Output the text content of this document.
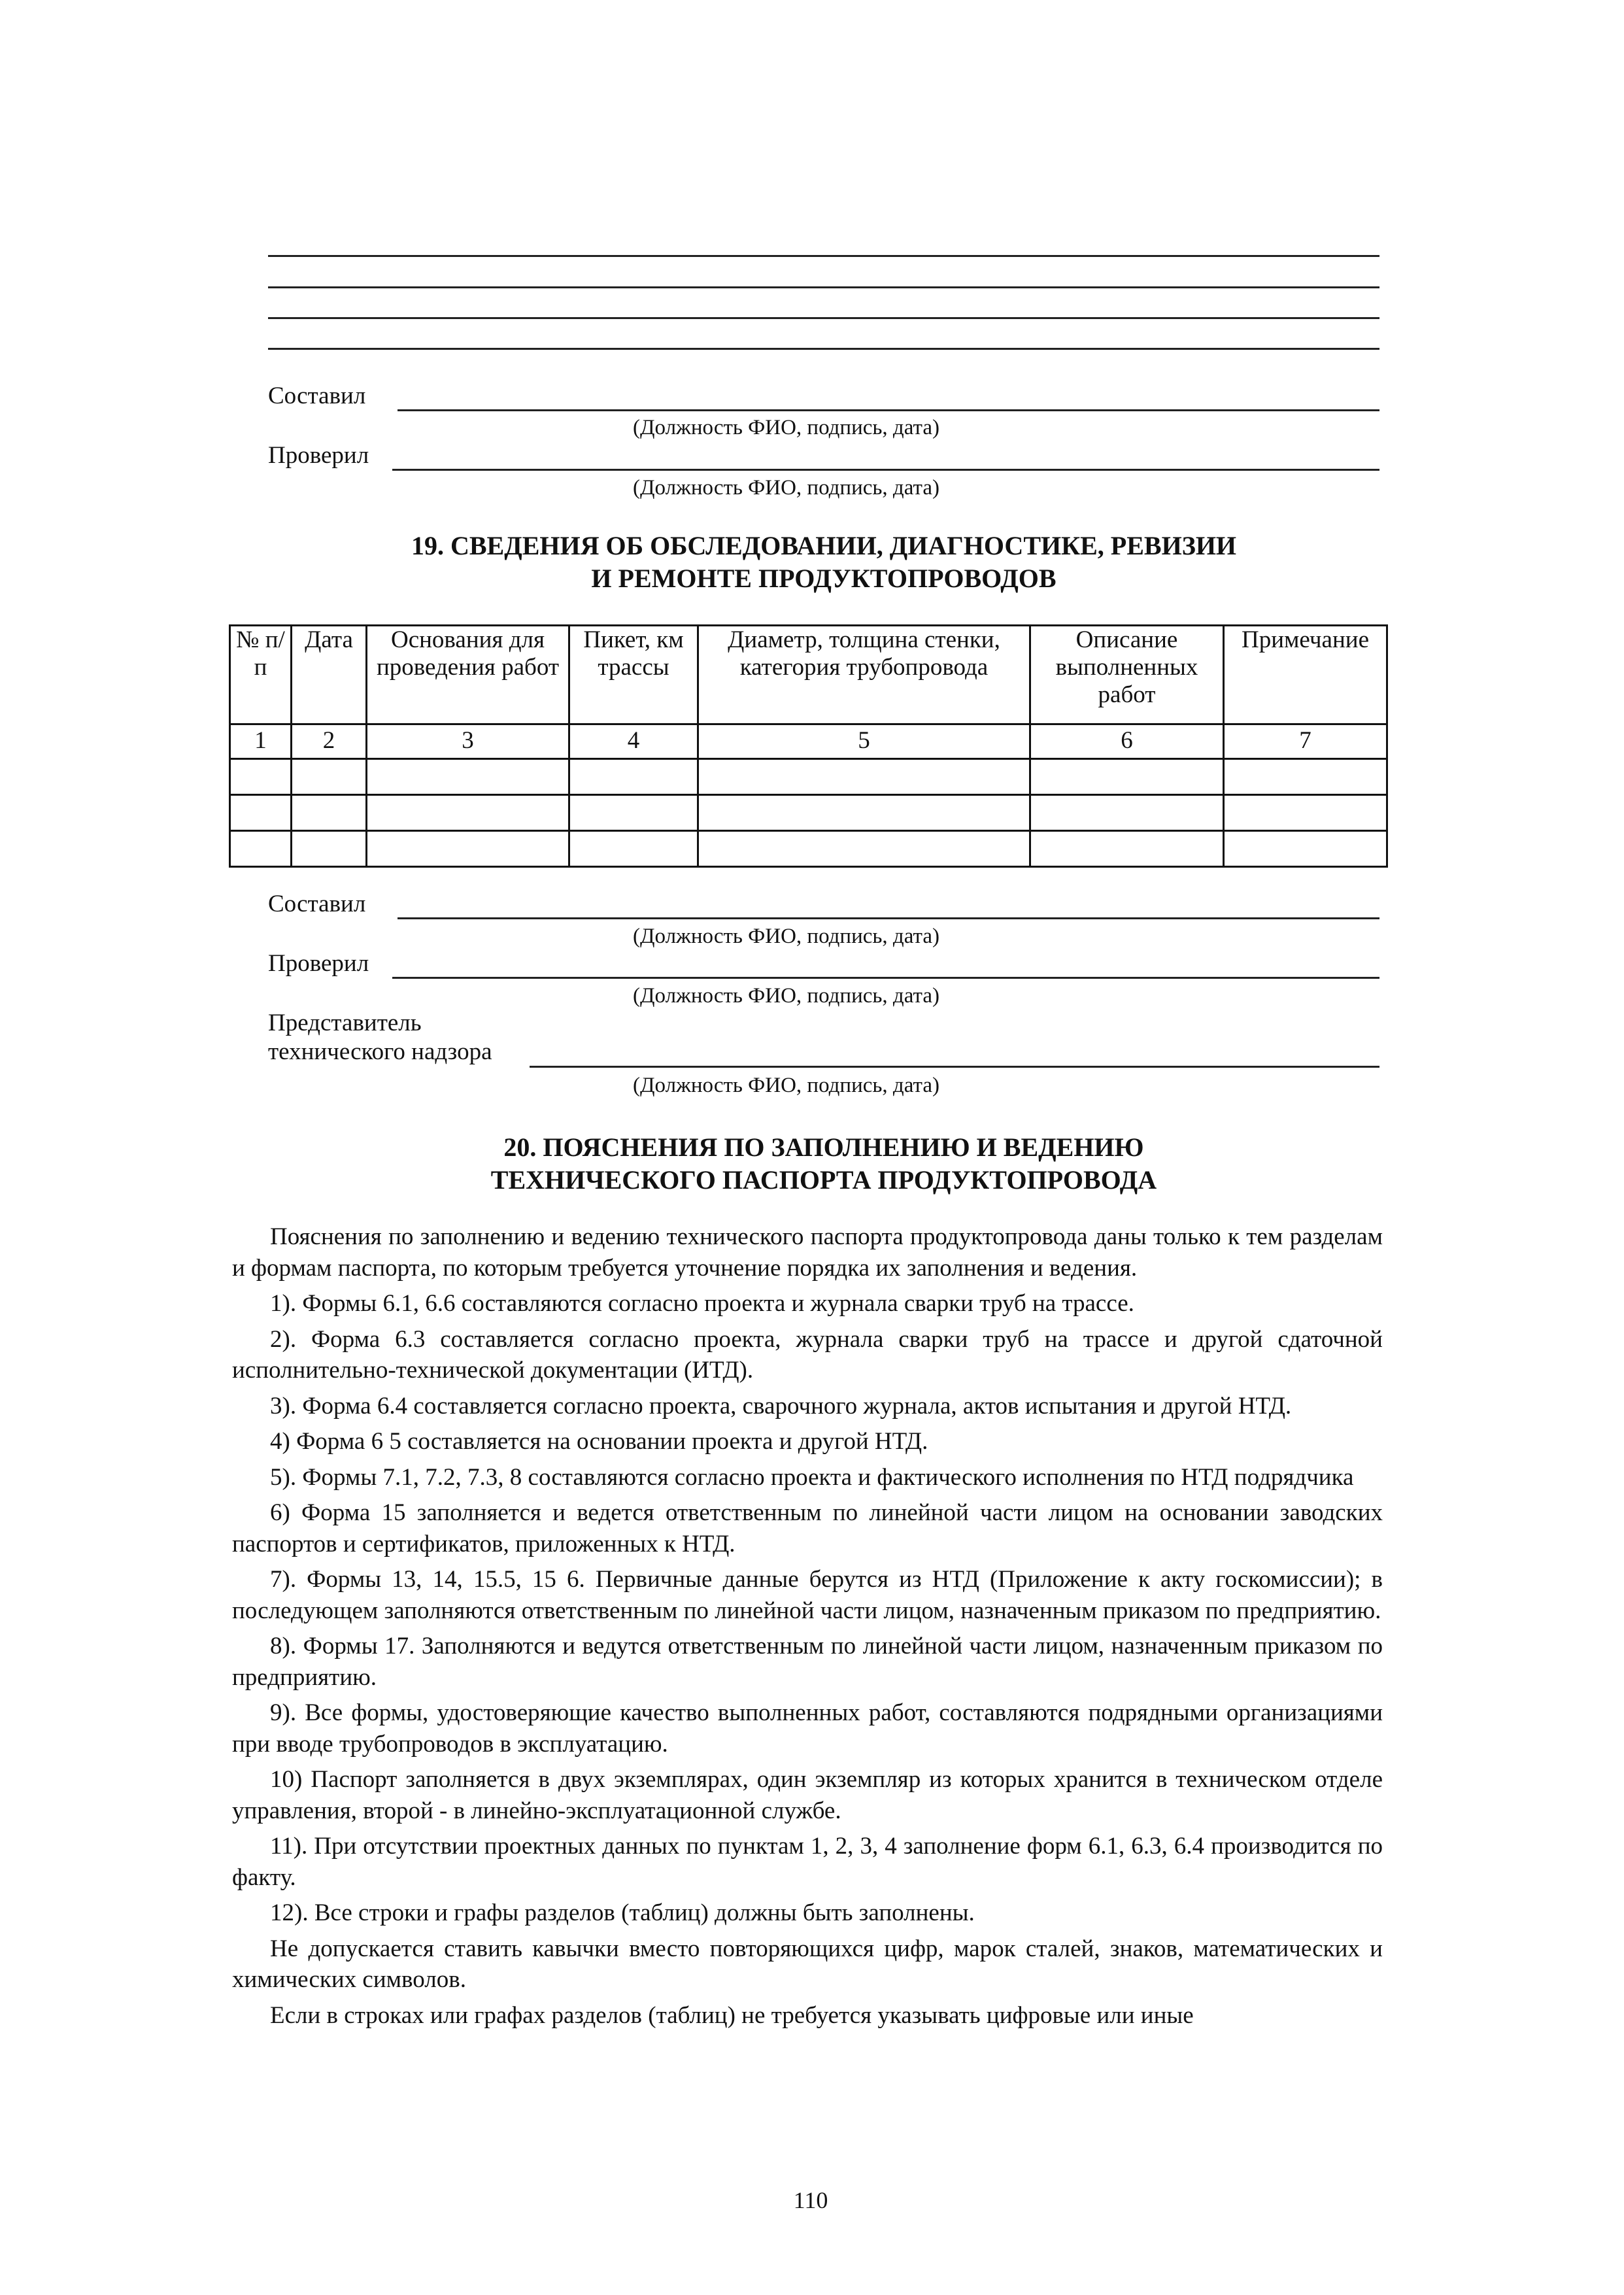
Составил
(Должность ФИО, подпись, дата)
Проверил
(Должность ФИО, подпись, дата)
19. СВЕДЕНИЯ ОБ ОБСЛЕДОВАНИИ, ДИАГНОСТИКЕ, РЕВИЗИИ
И РЕМОНТЕ ПРОДУКТОПРОВОДОВ
№ п/п	Дата	Основания для проведения работ	Пикет, км трассы	Диаметр, толщина стенки, категория трубопровода	Описание выполненных работ	Примечание
1	2	3	4	5	6	7

Составил
(Должность ФИО, подпись, дата)
Проверил
(Должность ФИО, подпись, дата)
Представитель
технического надзора
(Должность ФИО, подпись, дата)
20. ПОЯСНЕНИЯ ПО ЗАПОЛНЕНИЮ И ВЕДЕНИЮ
ТЕХНИЧЕСКОГО ПАСПОРТА ПРОДУКТОПРОВОДА

Пояснения по заполнению и ведению технического паспорта продуктопровода даны только к тем разделам и формам паспорта, по которым требуется уточнение порядка их заполнения и ведения.

1). Формы 6.1, 6.6 составляются согласно проекта и журнала сварки труб на трассе.

2). Форма 6.3 составляется согласно проекта, журнала сварки труб на трассе и другой сдаточной исполнительно-технической документации (ИТД).

3). Форма 6.4 составляется согласно проекта, сварочного журнала, актов испытания и другой НТД.

4) Форма 6 5 составляется на основании проекта и другой НТД.

5). Формы 7.1, 7.2, 7.3, 8 составляются согласно проекта и фактического исполнения по НТД подрядчика

6) Форма 15 заполняется и ведется ответственным по линейной части лицом на основании заводских паспортов и сертификатов, приложенных к НТД.

7). Формы 13, 14, 15.5, 15 6. Первичные данные берутся из НТД (Приложение к акту госкомиссии); в последующем заполняются ответственным по линейной части лицом, назначенным приказом по предприятию.

8). Формы 17. Заполняются и ведутся ответственным по линейной части лицом, назначенным приказом по предприятию.

9). Все формы, удостоверяющие качество выполненных работ, составляются подрядными организациями при вводе трубопроводов в эксплуатацию.

10) Паспорт заполняется в двух экземплярах, один экземпляр из которых хранится в техническом отделе управления, второй - в линейно-эксплуатационной службе.

11). При отсутствии проектных данных по пунктам 1, 2, 3, 4 заполнение форм 6.1, 6.3, 6.4 производится по факту.

12). Все строки и графы разделов (таблиц) должны быть заполнены.

Не допускается ставить кавычки вместо повторяющихся цифр, марок сталей, знаков, математических и химических символов.

Если в строках или графах разделов (таблиц) не требуется указывать цифровые или иные

110
